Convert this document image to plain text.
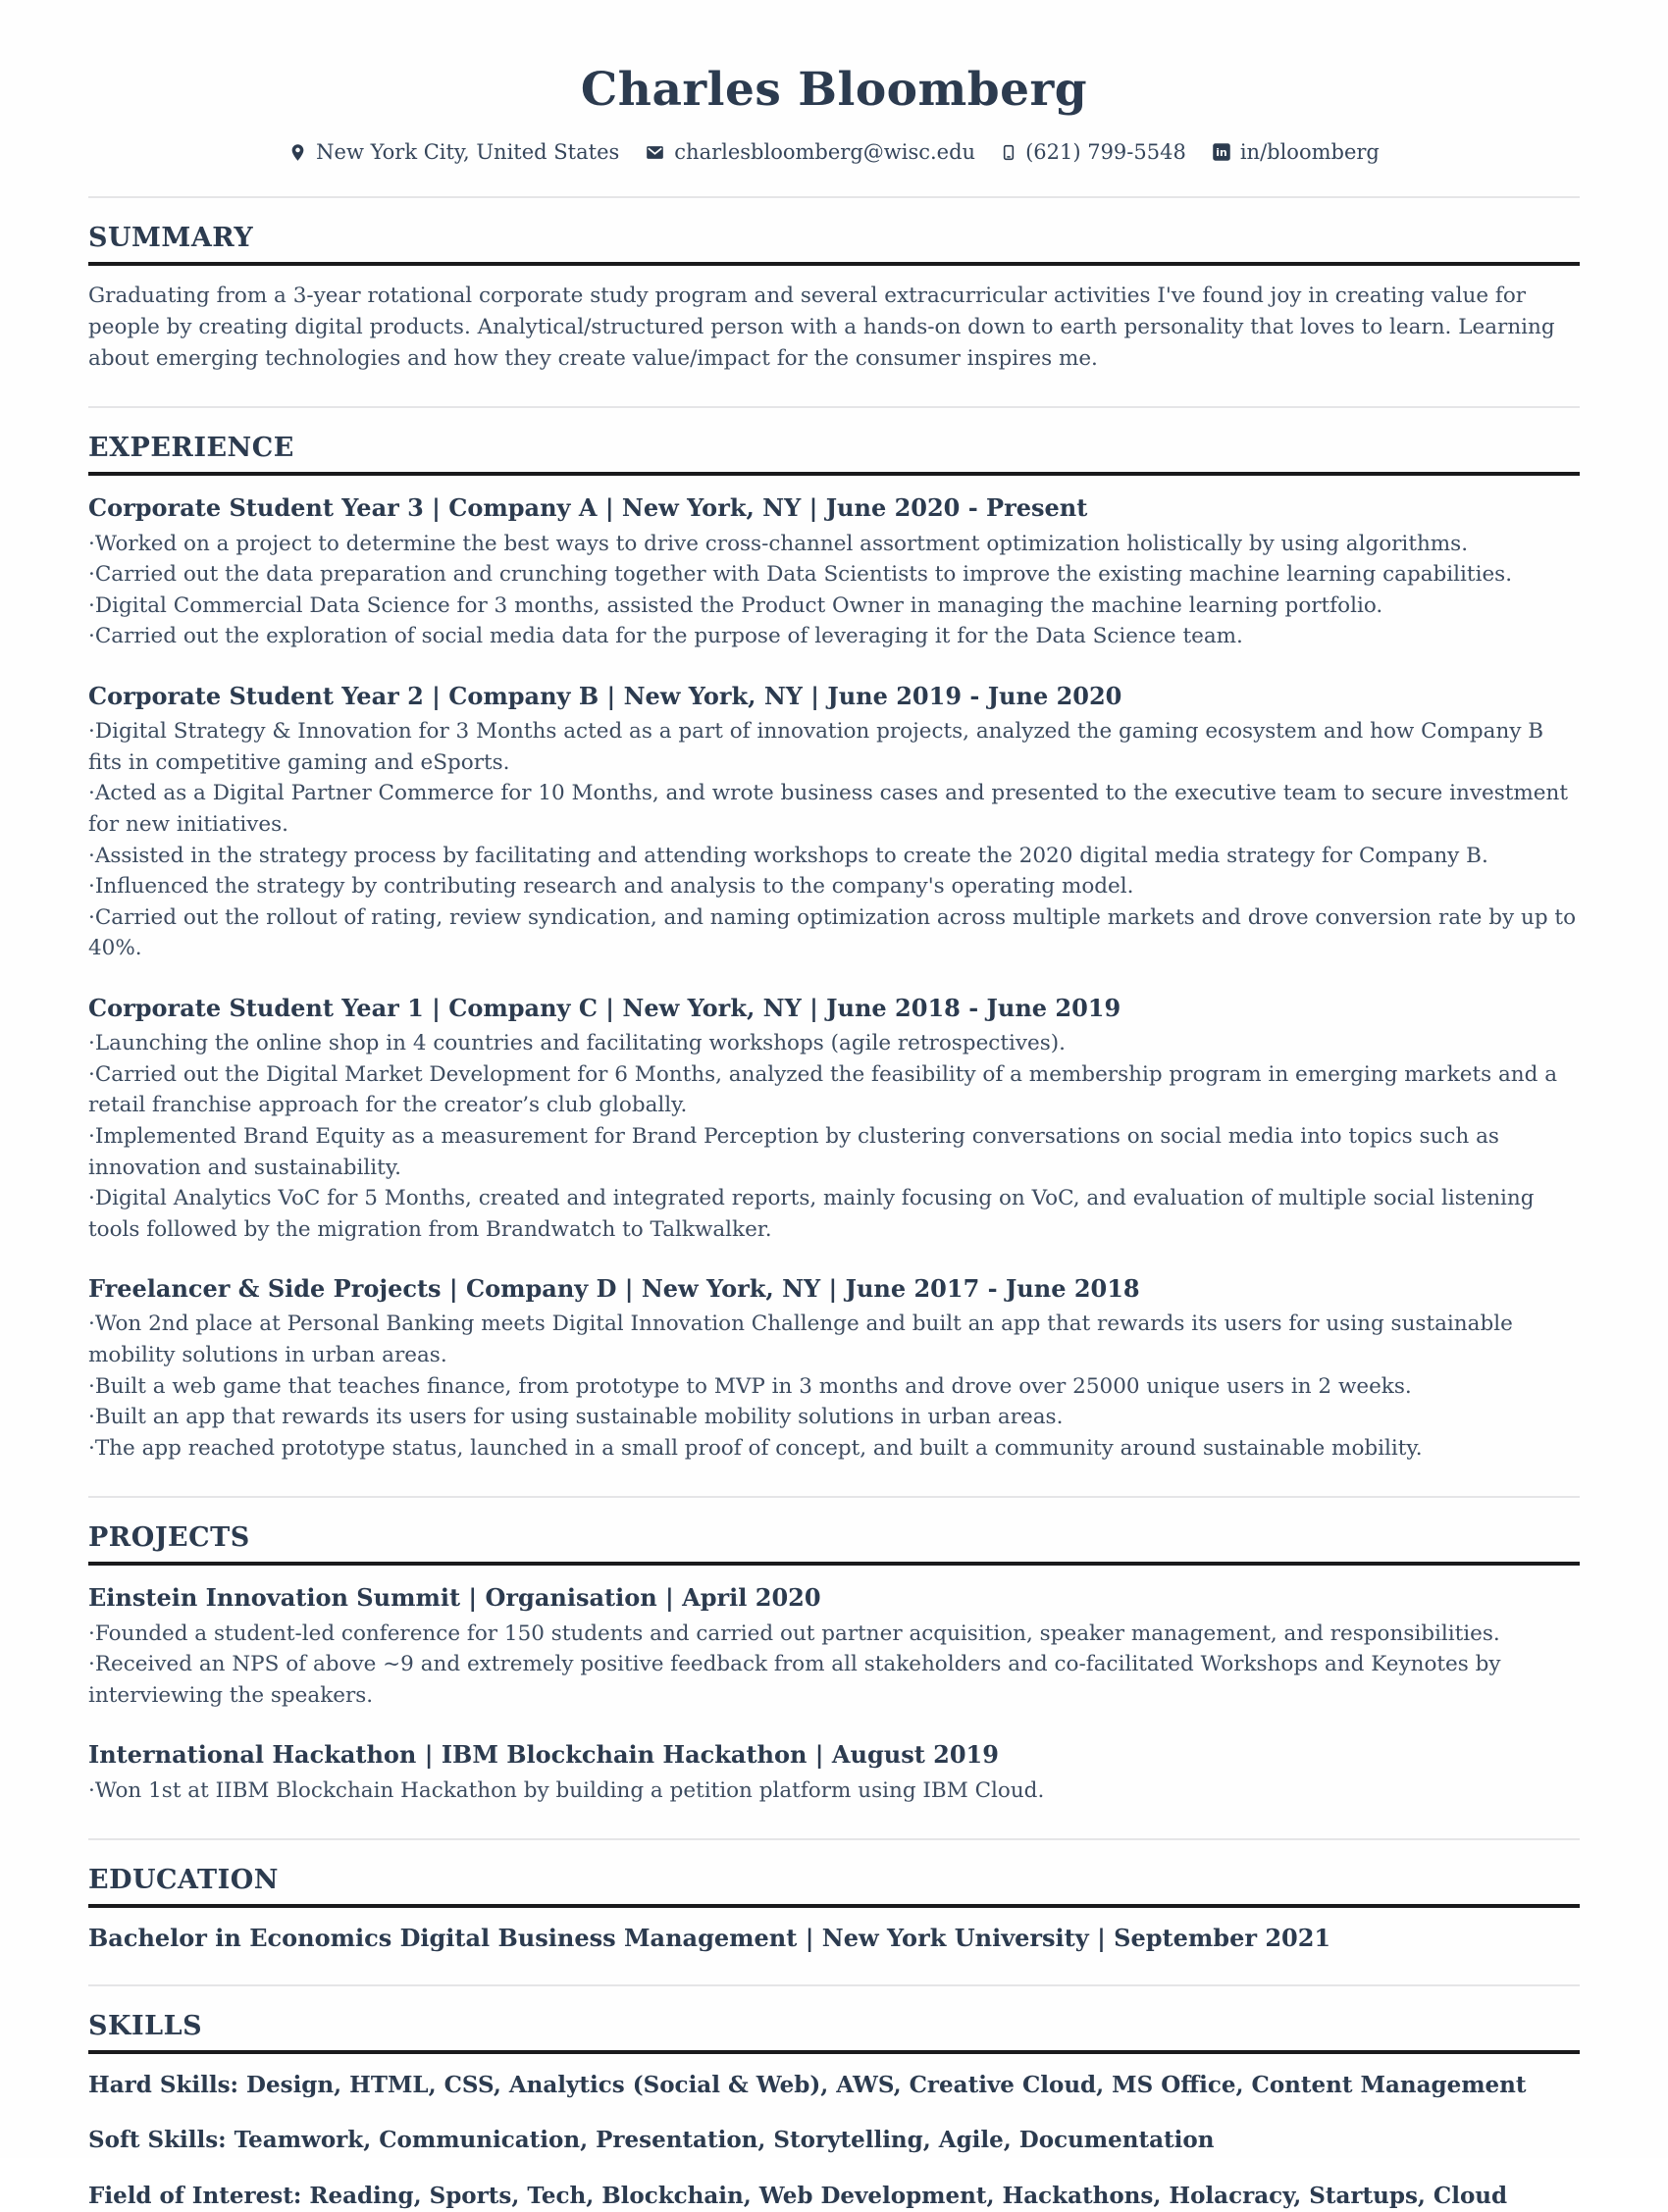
Charles Bloomberg
New York City, United States	charlesbloomberg@wisc.edu (621) 799-5548 in in/bloomberg
SUMMARY

Graduating from a 3-year rotational corporate study program and several extracurricular activities I've found joy in creating value for people by creating digital products. Analytical/structured person with a hands-on down to earth personality that loves to learn. Learning about emerging technologies and how they create value/impact for the consumer inspires me.

EXPERIENCE
Corporate Student Year 3 | Company A | New York, NY | June 2020 - Present
· Worked on a project to determine the best ways to drive cross-channel assortment optimization holistically by using algorithms.
· Carried out the data preparation and crunching together with Data Scientists to improve the existing machine learning capabilities.
· Digital Commercial Data Science for 3 months, assisted the Product Owner in managing the machine learning portfolio.
· Carried out the exploration of social media data for the purpose of leveraging it for the Data Science team.
Corporate Student Year 2 | Company B | New York, NY | June 2019 - June 2020
· Digital Strategy & Innovation for 3 Months acted as a part of innovation projects, analyzed the gaming ecosystem and how Company B fits in competitive gaming and eSports.
· Acted as a Digital Partner Commerce for 10 Months, and wrote business cases and presented to the executive team to secure investment for new initiatives.
· Assisted in the strategy process by facilitating and attending workshops to create the 2020 digital media strategy for Company B.
· Influenced the strategy by contributing research and analysis to the company's operating model.
· Carried out the rollout of rating, review syndication, and naming optimization across multiple markets and drove conversion rate by up to 40%.
Corporate Student Year 1 | Company C | New York, NY | June 2018 - June 2019
· Launching the online shop in 4 countries and facilitating workshops (agile retrospectives).
· Carried out the Digital Market Development for 6 Months, analyzed the feasibility of a membership program in emerging markets and a retail franchise approach for the creator’s club globally.
· Implemented Brand Equity as a measurement for Brand Perception by clustering conversations on social media into topics such as innovation and sustainability.
· Digital Analytics VoC for 5 Months, created and integrated reports, mainly focusing on VoC, and evaluation of multiple social listening tools followed by the migration from Brandwatch to Talkwalker.
Freelancer & Side Projects | Company D | New York, NY | June 2017 - June 2018
· Won 2nd place at Personal Banking meets Digital Innovation Challenge and built an app that rewards its users for using sustainable mobility solutions in urban areas.
· Built a web game that teaches finance, from prototype to MVP in 3 months and drove over 25000 unique users in 2 weeks.
· Built an app that rewards its users for using sustainable mobility solutions in urban areas.
· The app reached prototype status, launched in a small proof of concept, and built a community around sustainable mobility.
PROJECTS
Einstein Innovation Summit | Organisation | April 2020
· Founded a student-led conference for 150 students and carried out partner acquisition, speaker management, and responsibilities.
· Received an NPS of above ~9 and extremely positive feedback from all stakeholders and co-facilitated Workshops and Keynotes by interviewing the speakers.
International Hackathon | IBM Blockchain Hackathon | August 2019
· Won 1st at IIBM Blockchain Hackathon by building a petition platform using IBM Cloud.
EDUCATION
Bachelor in Economics Digital Business Management | New York University | September 2021
SKILLS
Hard Skills: Design, HTML, CSS, Analytics (Social & Web), AWS, Creative Cloud, MS Office, Content Management
Soft Skills: Teamwork, Communication, Presentation, Storytelling, Agile, Documentation
Field of Interest: Reading, Sports, Tech, Blockchain, Web Development, Hackathons, Holacracy, Startups, Cloud
